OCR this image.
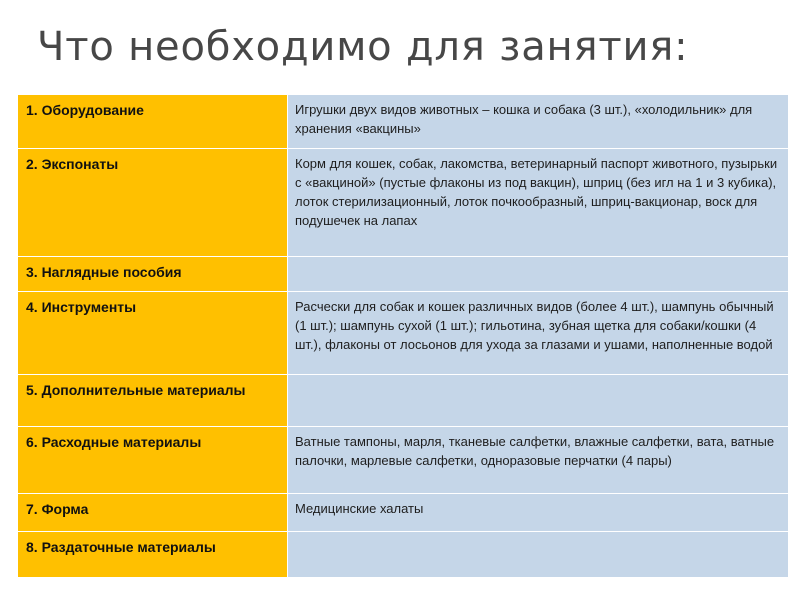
Что необходимо для занятия:
1. Оборудование	Игрушки двух видов животных – кошка и собака (3 шт.), «холодильник» для хранения «вакцины»
2. Экспонаты	Корм для кошек, собак, лакомства, ветеринарный паспорт животного, пузырьки с «вакциной» (пустые флаконы из под вакцин), шприц (без игл на 1 и 3 кубика), лоток стерилизационный, лоток почкообразный, шприц-вакционар, воск для подушечек на лапах
3. Наглядные пособия	
4. Инструменты	Расчески для собак и кошек различных видов (более 4 шт.), шампунь обычный (1 шт.); шампунь сухой (1 шт.); гильотина, зубная щетка для собаки/кошки (4 шт.), флаконы от лосьонов для ухода за глазами и ушами, наполненные водой
5. Дополнительные материалы	
6. Расходные материалы	Ватные тампоны, марля, тканевые салфетки, влажные салфетки, вата, ватные палочки, марлевые салфетки, одноразовые перчатки (4 пары)
7. Форма	Медицинские халаты
8. Раздаточные материалы	
